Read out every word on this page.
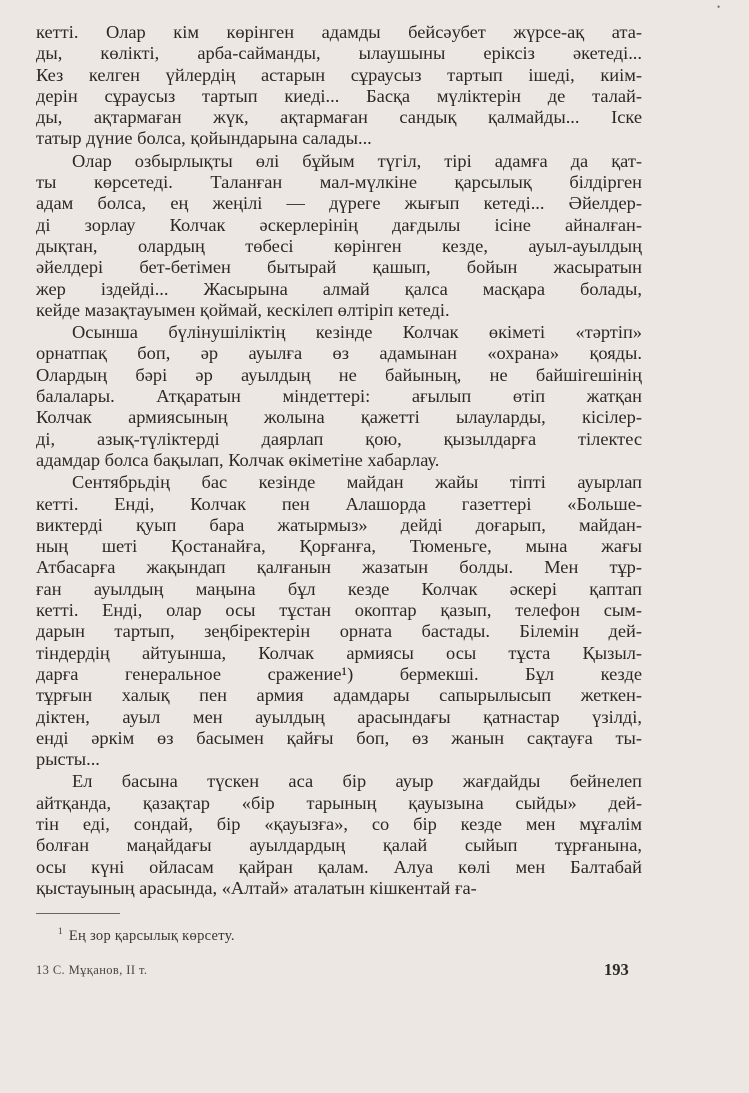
•

кетті. Олар кім көрінген адамды бейсәубет жүрсе-ақ ата-
ды, көлікті, арба-сайманды, ылаушыны еріксіз әкетеді...
Кез келген үйлердің астарын сұраусыз тартып ішеді, киім-
дерін сұраусыз тартып киеді... Басқа мүліктерін де талай-
ды, ақтармаған жүк, ақтармаған сандық қалмайды... Іске
татыр дүние болса, қойындарына салады...

Олар озбырлықты өлі бұйым түгіл, тірі адамға да қат-
ты көрсетеді. Таланған мал-мүлкіне қарсылық білдірген
адам болса, ең жеңілі — дүреге жығып кетеді... Әйелдер-
ді зорлау Колчак әскерлерінің дағдылы ісіне айналған-
дықтан, олардың төбесі көрінген кезде, ауыл-ауылдың
әйелдері бет-бетімен бытырай қашып, бойын жасыратын
жер іздейді... Жасырына алмай қалса масқара болады,
кейде мазақтауымен қоймай, кескілеп өлтіріп кетеді.

Осынша бүлінушіліктің кезінде Колчак өкіметі «тәртіп»
орнатпақ боп, әр ауылға өз адамынан «охрана» қояды.
Олардың бәрі әр ауылдың не байының, не байшігешінің
балалары. Атқаратын міндеттері: ағылып өтіп жатқан
Колчак армиясының жолына қажетті ылауларды, кісілер-
ді, азық-түліктерді даярлап қою, қызылдарға тілектес
адамдар болса бақылап, Колчак өкіметіне хабарлау.

Сентябрьдің бас кезінде майдан жайы тіпті ауырлап
кетті. Енді, Колчак пен Алашорда газеттері «Больше-
виктерді қуып бара жатырмыз» дейді доғарып, майдан-
ның шеті Қостанайға, Қорғанға, Тюменьге, мына жағы
Атбасарға жақындап қалғанын жазатын болды. Мен тұр-
ған ауылдың маңына бұл кезде Колчак әскері қаптап
кетті. Енді, олар осы тұстан окоптар қазып, телефон сым-
дарын тартып, зеңбіректерін орната бастады. Білемін дей-
тіндердің айтуынша, Колчак армиясы осы тұста Қызыл-
дарға генеральное сражение¹) бермекші. Бұл кезде
тұрғын халық пен армия адамдары сапырылысып жеткен-
діктен, ауыл мен ауылдың арасындағы қатнастар үзілді,
енді әркім өз басымен қайғы боп, өз жанын сақтауға ты-
рысты...

Ел басына түскен аса бір ауыр жағдайды бейнелеп
айтқанда, қазақтар «бір тарының қауызына сыйды» дей-
тін еді, сондай, бір «қауызға», со бір кезде мен мұғалім
болған маңайдағы ауылдардың қалай сыйып тұрғанына,
осы күні ойласам қайран қалам. Алуа көлі мен Балтабай
қыстауының арасында, «Алтай» аталатын кішкентай ға-

$^1$ Ең зор қарсылық көрсету.
13 С. Мұқанов, II т.	193
